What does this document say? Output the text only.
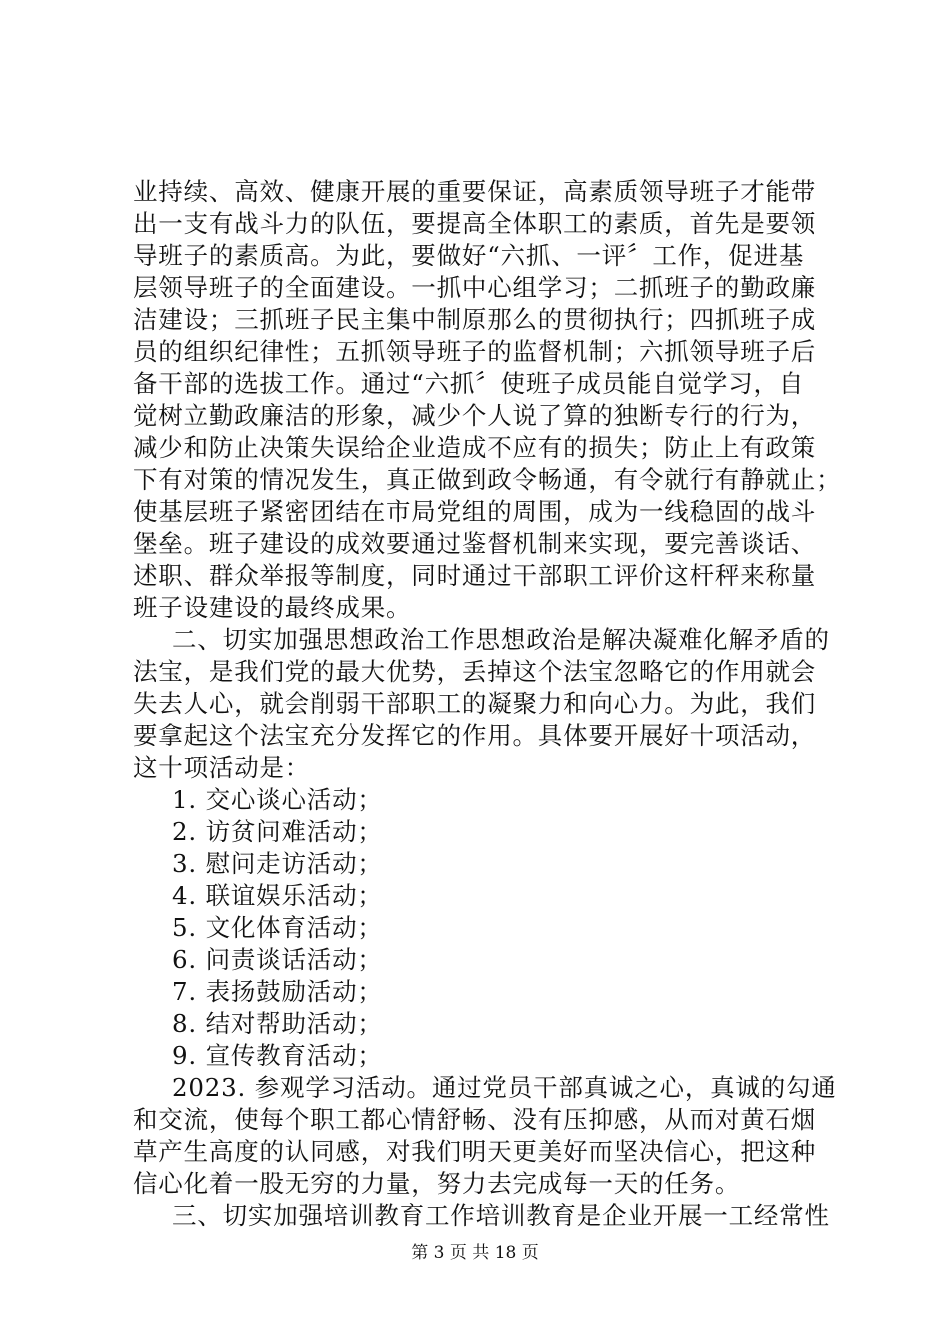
业持续、高效、健康开展的重要保证，高素质领导班子才能带
出一支有战斗力的队伍，要提高全体职工的素质，首先是要领
导班子的素质高。为此，要做好“六抓、一评〞工作，促进基
层领导班子的全面建设。一抓中心组学习；二抓班子的勤政廉
洁建设；三抓班子民主集中制原那么的贯彻执行；四抓班子成
员的组织纪律性；五抓领导班子的监督机制；六抓领导班子后
备干部的选拔工作。通过“六抓〞使班子成员能自觉学习，自
觉树立勤政廉洁的形象，减少个人说了算的独断专行的行为，
减少和防止决策失误给企业造成不应有的损失；防止上有政策
下有对策的情况发生，真正做到政令畅通，有令就行有静就止；
使基层班子紧密团结在市局党组的周围，成为一线稳固的战斗
堡垒。班子建设的成效要通过鉴督机制来实现，要完善谈话、
述职、群众举报等制度，同时通过干部职工评价这杆秤来称量
班子设建设的最终成果。
二、切实加强思想政治工作思想政治是解决凝难化解矛盾的
法宝，是我们党的最大优势，丢掉这个法宝忽略它的作用就会
失去人心，就会削弱干部职工的凝聚力和向心力。为此，我们
要拿起这个法宝充分发挥它的作用。具体要开展好十项活动，
这十项活动是：
1. 交心谈心活动；
2. 访贫问难活动；
3. 慰问走访活动；
4. 联谊娱乐活动；
5. 文化体育活动；
6. 问责谈话活动；
7. 表扬鼓励活动；
8. 结对帮助活动；
9. 宣传教育活动；
2023. 参观学习活动。通过党员干部真诚之心，真诚的勾通
和交流，使每个职工都心情舒畅、没有压抑感，从而对黄石烟
草产生高度的认同感，对我们明天更美好而坚决信心，把这种
信心化着一股无穷的力量，努力去完成每一天的任务。
三、切实加强培训教育工作培训教育是企业开展一工经常性
第 3 页 共 18 页
